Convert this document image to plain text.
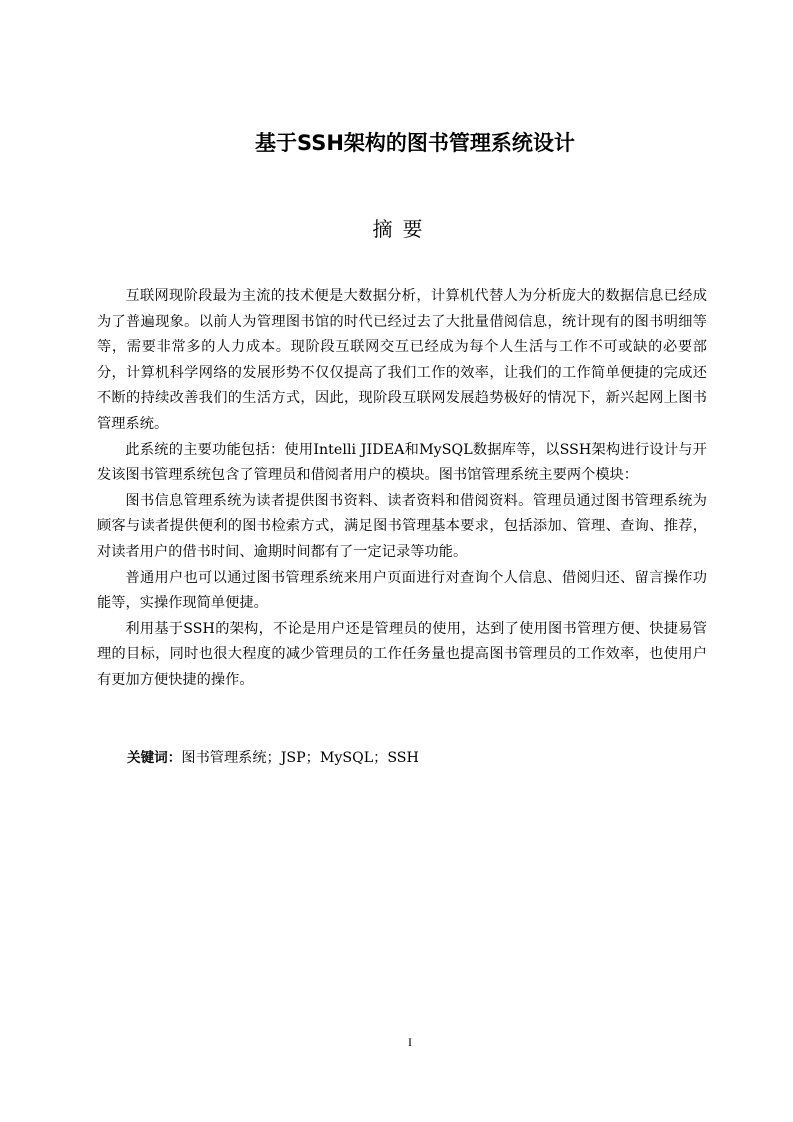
基于SSH架构的图书管理系统设计
摘要

互联网现阶段最为主流的技术便是大数据分析，计算机代替人为分析庞大的数据信息已经成为了普遍现象。以前人为管理图书馆的时代已经过去了大批量借阅信息，统计现有的图书明细等等，需要非常多的人力成本。现阶段互联网交互已经成为每个人生活与工作不可或缺的必要部分，计算机科学网络的发展形势不仅仅提高了我们工作的效率，让我们的工作简单便捷的完成还不断的持续改善我们的生活方式，因此，现阶段互联网发展趋势极好的情况下，新兴起网上图书管理系统。

此系统的主要功能包括：使用Intelli JIDEA和MySQL数据库等，以SSH架构进行设计与开发该图书管理系统包含了管理员和借阅者用户的模块。图书馆管理系统主要两个模块：

图书信息管理系统为读者提供图书资料、读者资料和借阅资料。管理员通过图书管理系统为顾客与读者提供便利的图书检索方式，满足图书管理基本要求，包括添加、管理、查询、推荐，对读者用户的借书时间、逾期时间都有了一定记录等功能。

普通用户也可以通过图书管理系统来用户页面进行对查询个人信息、借阅归还、留言操作功能等，实操作现简单便捷。

利用基于SSH的架构，不论是用户还是管理员的使用，达到了使用图书管理方便、快捷易管理的目标，同时也很大程度的减少管理员的工作任务量也提高图书管理员的工作效率，也使用户有更加方便快捷的操作。

关键词：图书管理系统；JSP；MySQL；SSH
I
